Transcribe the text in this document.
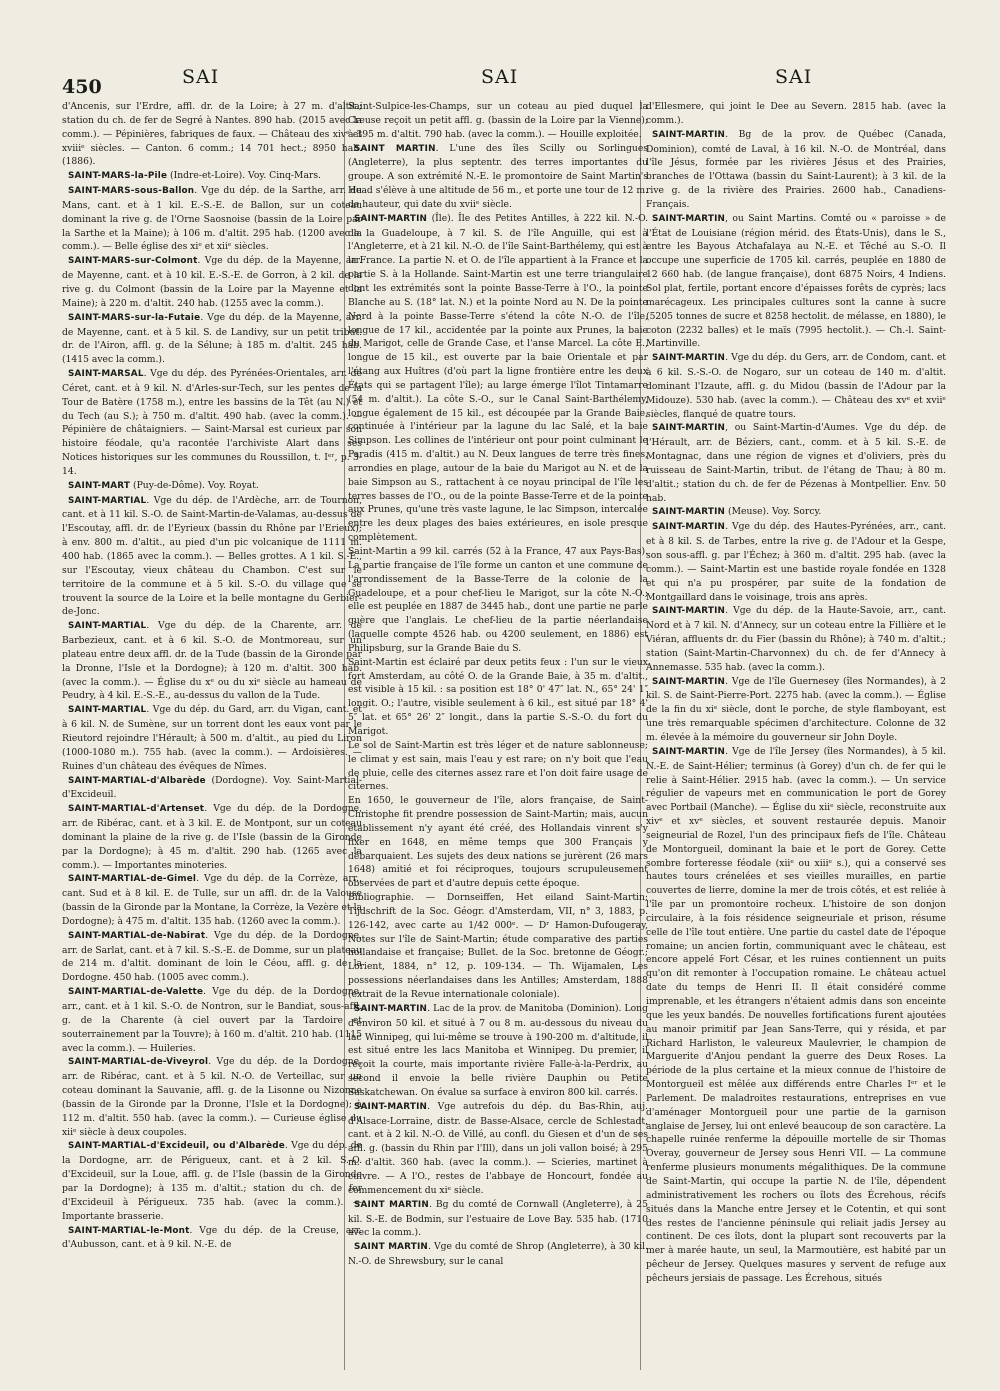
450	SAI	SAI	SAI

d'Ancenis, sur l'Erdre, affl. dr. de la Loire; à 27 m. d'altit.; station du ch. de fer de Segré à Nantes. 890 hab. (2015 avec la comm.). — Pépinières, fabriques de faux. — Château des xivᵉ et xviiiᵉ siècles. — Canton. 6 comm.; 14 701 hect.; 8950 hab. (1886).

SAINT-MARS-la-Pile (Indre-et-Loire). Voy. Cinq-Mars.

SAINT-MARS-sous-Ballon. Vge du dép. de la Sarthe, arr. du Mans, cant. et à 1 kil. E.-S.-E. de Ballon, sur un coteau dominant la rive g. de l'Orne Saosnoise (bassin de la Loire par la Sarthe et la Maine); à 106 m. d'altit. 295 hab. (1200 avec la comm.). — Belle église des xiᵉ et xiiᵉ siècles.

SAINT-MARS-sur-Colmont. Vge du dép. de la Mayenne, arr. de Mayenne, cant. et à 10 kil. E.-S.-E. de Gorron, à 2 kil. de la rive g. du Colmont (bassin de la Loire par la Mayenne et la Maine); à 220 m. d'altit. 240 hab. (1255 avec la comm.).

SAINT-MARS-sur-la-Futaie. Vge du dép. de la Mayenne, arr. de Mayenne, cant. et à 5 kil. S. de Landivy, sur un petit tribut. dr. de l'Airon, affl. g. de la Sélune; à 185 m. d'altit. 245 hab. (1415 avec la comm.).

SAINT-MARSAL. Vge du dép. des Pyrénées-Orientales, arr. de Céret, cant. et à 9 kil. N. d'Arles-sur-Tech, sur les pentes de la Tour de Batère (1758 m.), entre les bassins de la Têt (au N.) et du Tech (au S.); à 750 m. d'altit. 490 hab. (avec la comm.). — Pépinière de châtaigniers. — Saint-Marsal est curieux par son histoire féodale, qu'a racontée l'archiviste Alart dans ses Notices historiques sur les communes du Roussillon, t. Iᵉʳ, p. 3-14.

SAINT-MART (Puy-de-Dôme). Voy. Royat.

SAINT-MARTIAL. Vge du dép. de l'Ardèche, arr. de Tournon, cant. et à 11 kil. S.-O. de Saint-Martin-de-Valamas, au-dessus de l'Escoutay, affl. dr. de l'Eyrieux (bassin du Rhône par l'Erieux); à env. 800 m. d'altit., au pied d'un pic volcanique de 1111 m. 400 hab. (1865 avec la comm.). — Belles grottes. A 1 kil. S.-E., sur l'Escoutay, vieux château du Chambon. C'est sur le territoire de la commune et à 5 kil. S.-O. du village que se trouvent la source de la Loire et la belle montagne du Gerbier-de-Jonc.

SAINT-MARTIAL. Vge du dép. de la Charente, arr. de Barbezieux, cant. et à 6 kil. S.-O. de Montmoreau, sur un plateau entre deux affl. dr. de la Tude (bassin de la Gironde par la Dronne, l'Isle et la Dordogne); à 120 m. d'altit. 300 hab. (avec la comm.). — Église du xᵉ ou du xiᵉ siècle au hameau de Peudry, à 4 kil. E.-S.-E., au-dessus du vallon de la Tude.

SAINT-MARTIAL. Vge du dép. du Gard, arr. du Vigan, cant. et à 6 kil. N. de Sumène, sur un torrent dont les eaux vont par le Rieutord rejoindre l'Hérault; à 500 m. d'altit., au pied du Liron (1000-1080 m.). 755 hab. (avec la comm.). — Ardoisières. — Ruines d'un château des évêques de Nîmes.

SAINT-MARTIAL-d'Albarède (Dordogne). Voy. Saint-Martial-d'Excideuil.

SAINT-MARTIAL-d'Artenset. Vge du dép. de la Dordogne, arr. de Ribérac, cant. et à 3 kil. E. de Montpont, sur un coteau dominant la plaine de la rive g. de l'Isle (bassin de la Gironde par la Dordogne); à 45 m. d'altit. 290 hab. (1265 avec la comm.). — Importantes minoteries.

SAINT-MARTIAL-de-Gimel. Vge du dép. de la Corrèze, arr., cant. Sud et à 8 kil. E. de Tulle, sur un affl. dr. de la Valouse (bassin de la Gironde par la Montane, la Corrèze, la Vezère et la Dordogne); à 475 m. d'altit. 135 hab. (1260 avec la comm.).

SAINT-MARTIAL-de-Nabirat. Vge du dép. de la Dordogne, arr. de Sarlat, cant. et à 7 kil. S.-S.-E. de Domme, sur un plateau de 214 m. d'altit. dominant de loin le Céou, affl. g. de la Dordogne. 450 hab. (1005 avec comm.).

SAINT-MARTIAL-de-Valette. Vge du dép. de la Dordogne, arr., cant. et à 1 kil. S.-O. de Nontron, sur le Bandiat, sous-affl. g. de la Charente (à ciel ouvert par la Tardoire et souterrainement par la Touvre); à 160 m. d'altit. 210 hab. (1115 avec la comm.). — Huileries.

SAINT-MARTIAL-de-Viveyrol. Vge du dép. de la Dordogne, arr. de Ribérac, cant. et à 5 kil. N.-O. de Verteillac, sur un coteau dominant la Sauvanie, affl. g. de la Lisonne ou Nizonne (bassin de la Gironde par la Dronne, l'Isle et la Dordogne); à 112 m. d'altit. 550 hab. (avec la comm.). — Curieuse église du xiiᵉ siècle à deux coupoles.

SAINT-MARTIAL-d'Excideuil, ou d'Albarède. Vge du dép. de la Dordogne, arr. de Périgueux, cant. et à 2 kil. S.-O. d'Excideuil, sur la Loue, affl. g. de l'Isle (bassin de la Gironde par la Dordogne); à 135 m. d'altit.; station du ch. de fer d'Excideuil à Périgueux. 735 hab. (avec la comm.). — Importante brasserie.

SAINT-MARTIAL-le-Mont. Vge du dép. de la Creuse, arr. d'Aubusson, cant. et à 9 kil. N.-E. de

Saint-Sulpice-les-Champs, sur un coteau au pied duquel la Creuse reçoit un petit affl. g. (bassin de la Loire par la Vienne); à 395 m. d'altit. 790 hab. (avec la comm.). — Houille exploitée.

SAINT MARTIN. L'une des îles Scilly ou Sorlingues (Angleterre), la plus septentr. des terres importantes du groupe. A son extrémité N.-E. le promontoire de Saint Martin's Head s'élève à une altitude de 56 m., et porte une tour de 12 m. de hauteur, qui date du xviiᵉ siècle.

SAINT-MARTIN (Île). Île des Petites Antilles, à 222 kil. N.-O. de la Guadeloupe, à 7 kil. S. de l'île Anguille, qui est à l'Angleterre, et à 21 kil. N.-O. de l'île Saint-Barthélemy, qui est à la France. La partie N. et O. de l'île appartient à la France et la partie S. à la Hollande. Saint-Martin est une terre triangulaire dont les extrémités sont la pointe Basse-Terre à l'O., la pointe Blanche au S. (18° lat. N.) et la pointe Nord au N. De la pointe Nord à la pointe Basse-Terre s'étend la côte N.-O. de l'île, longue de 17 kil., accidentée par la pointe aux Prunes, la baie du Marigot, celle de Grande Case, et l'anse Marcel. La côte E., longue de 15 kil., est ouverte par la baie Orientale et par l'étang aux Huîtres (d'où part la ligne frontière entre les deux États qui se partagent l'île); au large émerge l'îlot Tintamarre (54 m. d'altit.). La côte S.-O., sur le Canal Saint-Barthélemy, longue également de 15 kil., est découpée par la Grande Baie, continuée à l'intérieur par la lagune du lac Salé, et la baie Simpson. Les collines de l'intérieur ont pour point culminant le Paradis (415 m. d'altit.) au N. Deux langues de terre très fines, arrondies en plage, autour de la baie du Marigot au N. et de la baie Simpson au S., rattachent à ce noyau principal de l'île les terres basses de l'O., ou de la pointe Basse-Terre et de la pointe aux Prunes, qu'une très vaste lagune, le lac Simpson, intercalée entre les deux plages des baies extérieures, en isole presque complètement.

Saint-Martin a 99 kil. carrés (52 à la France, 47 aux Pays-Bas). La partie française de l'île forme un canton et une commune de l'arrondissement de la Basse-Terre de la colonie de la Guadeloupe, et a pour chef-lieu le Marigot, sur la côte N.-O.; elle est peuplée en 1887 de 3445 hab., dont une partie ne parle guère que l'anglais. Le chef-lieu de la partie néerlandaise (laquelle compte 4526 hab. ou 4200 seulement, en 1886) est Philipsburg, sur la Grande Baie du S.

Saint-Martin est éclairé par deux petits feux : l'un sur le vieux fort Amsterdam, au côté O. de la Grande Baie, à 35 m. d'altit., est visible à 15 kil. : sa position est 18° 0' 47″ lat. N., 65° 24' 1″ longit. O.; l'autre, visible seulement à 6 kil., est situé par 18° 4' 5″ lat. et 65° 26' 2″ longit., dans la partie S.-S.-O. du fort du Marigot.

Le sol de Saint-Martin est très léger et de nature sablonneuse; le climat y est sain, mais l'eau y est rare; on n'y boit que l'eau de pluie, celle des citernes assez rare et l'on doit faire usage de citernes.

En 1650, le gouverneur de l'île, alors française, de Saint-Christophe fit prendre possession de Saint-Martin; mais, aucun établissement n'y ayant été créé, des Hollandais vinrent s'y fixer en 1648, en même temps que 300 Français y débarquaient. Les sujets des deux nations se jurèrent (26 mars 1648) amitié et foi réciproques, toujours scrupuleusement observées de part et d'autre depuis cette époque.

Bibliographie. — Dornseiffen, Het eiland Saint-Martin; Tijdschrift de la Soc. Géogr. d'Amsterdam, VII, n° 3, 1883, p. 126-142, avec carte au 1/42 000ᵉ. — Dʳ Hamon-Dufougeray, Notes sur l'île de Saint-Martin; étude comparative des parties hollandaise et française; Bullet. de la Soc. bretonne de Géogr.; Lorient, 1884, n° 12, p. 109-134. — Th. Wijamalen, Les possessions néerlandaises dans les Antilles; Amsterdam, 1888 (extrait de la Revue internationale coloniale).

SAINT-MARTIN. Lac de la prov. de Manitoba (Dominion). Long d'environ 50 kil. et situé à 7 ou 8 m. au-dessous du niveau du lac Winnipeg, qui lui-même se trouve à 190-200 m. d'altitude, il est situé entre les lacs Manitoba et Winnipeg. Du premier, il reçoit la courte, mais importante rivière Falle-à-la-Perdrix, au second il envoie la belle rivière Dauphin ou Petite Saskatchewan. On évalue sa surface à environ 800 kil. carrés.

SAINT-MARTIN. Vge autrefois du dép. du Bas-Rhin, auj. d'Alsace-Lorraine, distr. de Basse-Alsace, cercle de Schlestadt, cant. et à 2 kil. N.-O. de Villé, au confl. du Giesen et d'un de ses affl. g. (bassin du Rhin par l'Ill), dans un joli vallon boisé; à 295 m. d'altit. 360 hab. (avec la comm.). — Scieries, martinet à cuivre. — A l'O., restes de l'abbaye de Honcourt, fondée au commencement du xiᵉ siècle.

SAINT MARTIN. Bg du comté de Cornwall (Angleterre), à 25 kil. S.-E. de Bodmin, sur l'estuaire de Love Bay. 535 hab. (1710 avec la comm.).

SAINT MARTIN. Vge du comté de Shrop (Angleterre), à 30 kil. N.-O. de Shrewsbury, sur le canal

d'Ellesmere, qui joint le Dee au Severn. 2815 hab. (avec la comm.).

SAINT-MARTIN. Bg de la prov. de Québec (Canada, Dominion), comté de Laval, à 16 kil. N.-O. de Montréal, dans l'île Jésus, formée par les rivières Jésus et des Prairies, branches de l'Ottawa (bassin du Saint-Laurent); à 3 kil. de la rive g. de la rivière des Prairies. 2600 hab., Canadiens-Français.

SAINT-MARTIN, ou Saint Martins. Comté ou « paroisse » de l'État de Louisiane (région mérid. des États-Unis), dans le S., entre les Bayous Atchafalaya au N.-E. et Têché au S.-O. Il occupe une superficie de 1705 kil. carrés, peuplée en 1880 de 12 660 hab. (de langue française), dont 6875 Noirs, 4 Indiens. Sol plat, fertile, portant encore d'épaisses forêts de cyprès; lacs marécageux. Les principales cultures sont la canne à sucre (5205 tonnes de sucre et 8258 hectolit. de mélasse, en 1880), le coton (2232 balles) et le maïs (7995 hectolit.). — Ch.-l. Saint-Martinville.

SAINT-MARTIN. Vge du dép. du Gers, arr. de Condom, cant. et à 6 kil. S.-S.-O. de Nogaro, sur un coteau de 140 m. d'altit. dominant l'Izaute, affl. g. du Midou (bassin de l'Adour par la Midouze). 530 hab. (avec la comm.). — Château des xvᵉ et xviiᵉ siècles, flanqué de quatre tours.

SAINT-MARTIN, ou Saint-Martin-d'Aumes. Vge du dép. de l'Hérault, arr. de Béziers, cant., comm. et à 5 kil. S.-E. de Montagnac, dans une région de vignes et d'oliviers, près du ruisseau de Saint-Martin, tribut. de l'étang de Thau; à 80 m. d'altit.; station du ch. de fer de Pézenas à Montpellier. Env. 50 hab.

SAINT-MARTIN (Meuse). Voy. Sorcy.

SAINT-MARTIN. Vge du dép. des Hautes-Pyrénées, arr., cant. et à 8 kil. S. de Tarbes, entre la rive g. de l'Adour et la Gespe, son sous-affl. g. par l'Échez; à 360 m. d'altit. 295 hab. (avec la comm.). — Saint-Martin est une bastide royale fondée en 1328 et qui n'a pu prospérer, par suite de la fondation de Montgaillard dans le voisinage, trois ans après.

SAINT-MARTIN. Vge du dép. de la Haute-Savoie, arr., cant. Nord et à 7 kil. N. d'Annecy, sur un coteau entre la Fillière et le Viéran, affluents dr. du Fier (bassin du Rhône); à 740 m. d'altit.; station (Saint-Martin-Charvonnex) du ch. de fer d'Annecy à Annemasse. 535 hab. (avec la comm.).

SAINT-MARTIN. Vge de l'île Guernesey (îles Normandes), à 2 kil. S. de Saint-Pierre-Port. 2275 hab. (avec la comm.). — Église de la fin du xiᵉ siècle, dont le porche, de style flamboyant, est une très remarquable spécimen d'architecture. Colonne de 32 m. élevée à la mémoire du gouverneur sir John Doyle.

SAINT-MARTIN. Vge de l'île Jersey (îles Normandes), à 5 kil. N.-E. de Saint-Hélier; terminus (à Gorey) d'un ch. de fer qui le relie à Saint-Hélier. 2915 hab. (avec la comm.). — Un service régulier de vapeurs met en communication le port de Gorey avec Portbail (Manche). — Église du xiiᵉ siècle, reconstruite aux xivᵉ et xvᵉ siècles, et souvent restaurée depuis. Manoir seigneurial de Rozel, l'un des principaux fiefs de l'île. Château de Montorgueil, dominant la baie et le port de Gorey. Cette sombre forteresse féodale (xiiᵉ ou xiiiᵉ s.), qui a conservé ses hautes tours crénelées et ses vieilles murailles, en partie couvertes de lierre, domine la mer de trois côtés, et est reliée à l'île par un promontoire rocheux. L'histoire de son donjon circulaire, à la fois résidence seigneuriale et prison, résume celle de l'île tout entière. Une partie du castel date de l'époque romaine; un ancien fortin, communiquant avec le château, est encore appelé Fort César, et les ruines contiennent un puits qu'on dit remonter à l'occupation romaine. Le château actuel date du temps de Henri II. Il était considéré comme imprenable, et les étrangers n'étaient admis dans son enceinte que les yeux bandés. De nouvelles fortifications furent ajoutées au manoir primitif par Jean Sans-Terre, qui y résida, et par Richard Harliston, le valeureux Maulevrier, le champion de Marguerite d'Anjou pendant la guerre des Deux Roses. La période de la plus certaine et la mieux connue de l'histoire de Montorgueil est mêlée aux différends entre Charles Iᵉʳ et le Parlement. De maladroites restaurations, entreprises en vue d'aménager Montorgueil pour une partie de la garnison anglaise de Jersey, lui ont enlevé beaucoup de son caractère. La chapelle ruinée renferme la dépouille mortelle de sir Thomas Overay, gouverneur de Jersey sous Henri VII. — La commune renferme plusieurs monuments mégalithiques. De la commune de Saint-Martin, qui occupe la partie N. de l'île, dépendent administrativement les rochers ou îlots des Écrehous, récifs situés dans la Manche entre Jersey et le Cotentin, et qui sont des restes de l'ancienne péninsule qui reliait jadis Jersey au continent. De ces îlots, dont la plupart sont recouverts par la mer à marée haute, un seul, la Marmoutière, est habité par un pêcheur de Jersey. Quelques masures y servent de refuge aux pêcheurs jersiais de passage. Les Écrehous, situés
